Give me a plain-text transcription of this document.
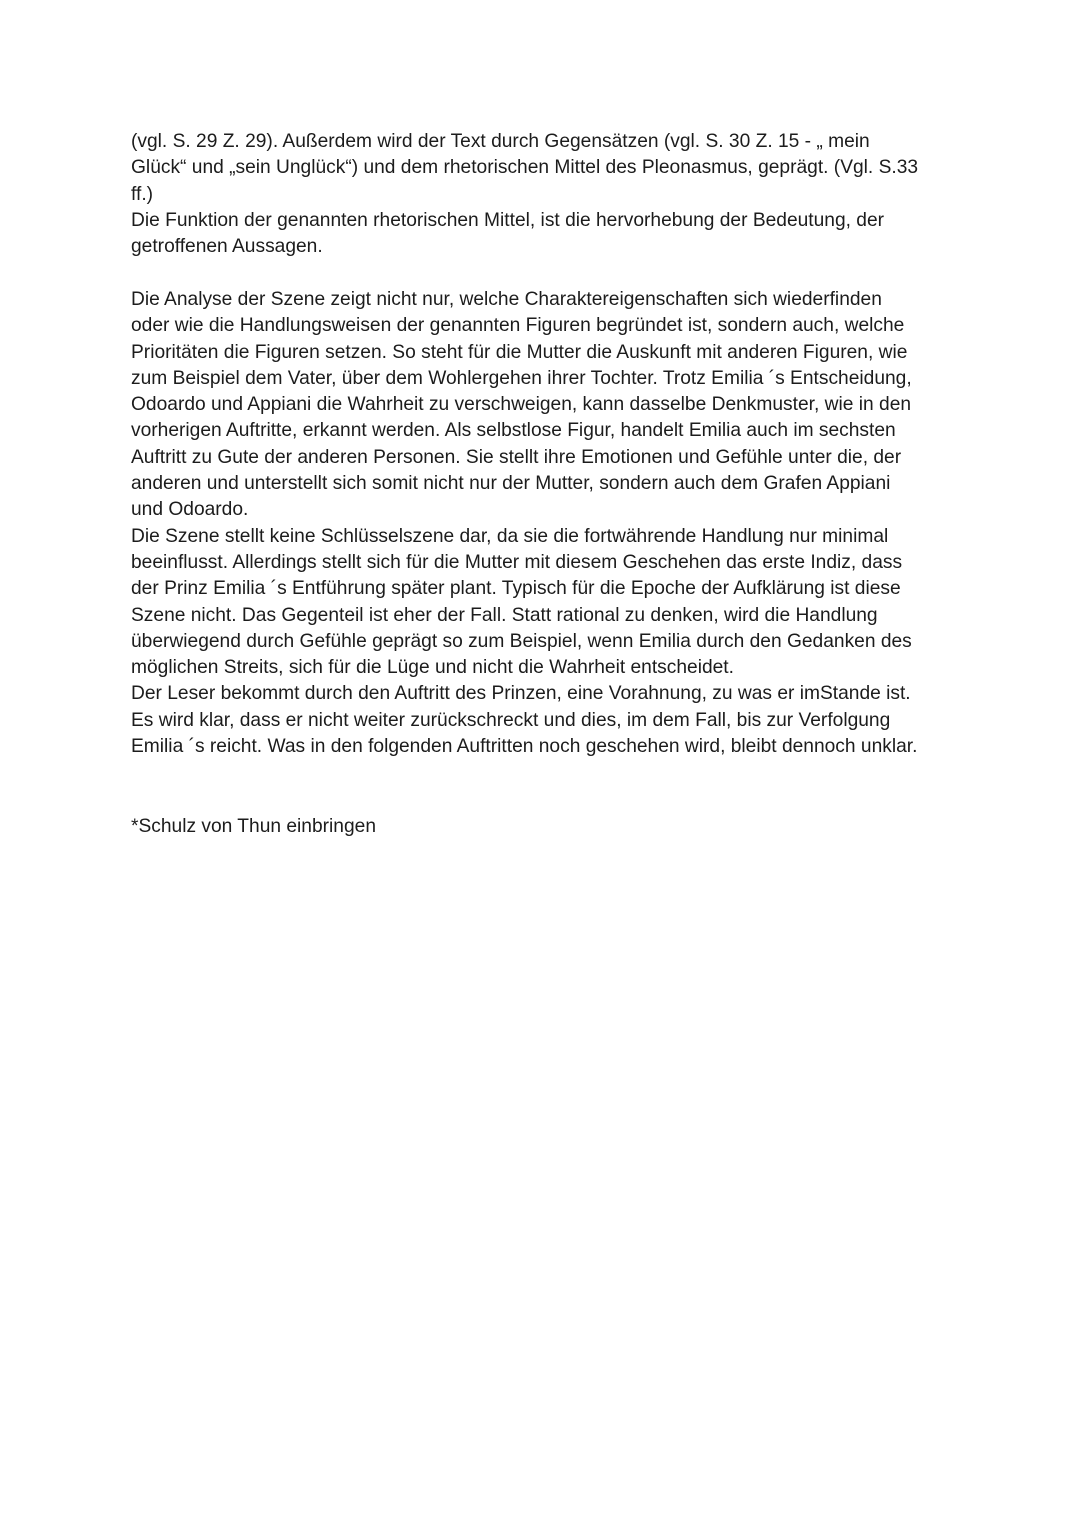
(vgl. S. 29 Z. 29). Außerdem wird der Text durch Gegensätzen (vgl. S. 30 Z. 15 - „ mein
Glück“ und „sein Unglück“) und dem rhetorischen Mittel des Pleonasmus, geprägt. (Vgl. S.33
ff.)
Die Funktion der genannten rhetorischen Mittel, ist die hervorhebung der Bedeutung, der
getroffenen Aussagen.
Die Analyse der Szene zeigt nicht nur, welche Charaktereigenschaften sich wiederfinden
oder wie die Handlungsweisen der genannten Figuren begründet ist, sondern auch, welche
Prioritäten die Figuren setzen. So steht für die Mutter die Auskunft mit anderen Figuren, wie
zum Beispiel dem Vater, über dem Wohlergehen ihrer Tochter. Trotz Emilia ´s Entscheidung,
Odoardo und Appiani die Wahrheit zu verschweigen, kann dasselbe Denkmuster, wie in den
vorherigen Auftritte, erkannt werden. Als selbstlose Figur, handelt Emilia auch im sechsten
Auftritt zu Gute der anderen Personen. Sie stellt ihre Emotionen und Gefühle unter die, der
anderen und unterstellt sich somit nicht nur der Mutter, sondern auch dem Grafen Appiani
und Odoardo.
Die Szene stellt keine Schlüsselszene dar, da sie die fortwährende Handlung nur minimal
beeinflusst. Allerdings stellt sich für die Mutter mit diesem Geschehen das erste Indiz, dass
der Prinz Emilia ´s Entführung später plant. Typisch für die Epoche der Aufklärung ist diese
Szene nicht. Das Gegenteil ist eher der Fall. Statt rational zu denken, wird die Handlung
überwiegend durch Gefühle geprägt so zum Beispiel, wenn Emilia durch den Gedanken des
möglichen Streits, sich für die Lüge und nicht die Wahrheit entscheidet.
Der Leser bekommt durch den Auftritt des Prinzen, eine Vorahnung, zu was er imStande ist.
Es wird klar, dass er nicht weiter zurückschreckt und dies, im dem Fall, bis zur Verfolgung
Emilia ´s reicht. Was in den folgenden Auftritten noch geschehen wird, bleibt dennoch unklar.
*Schulz von Thun einbringen
